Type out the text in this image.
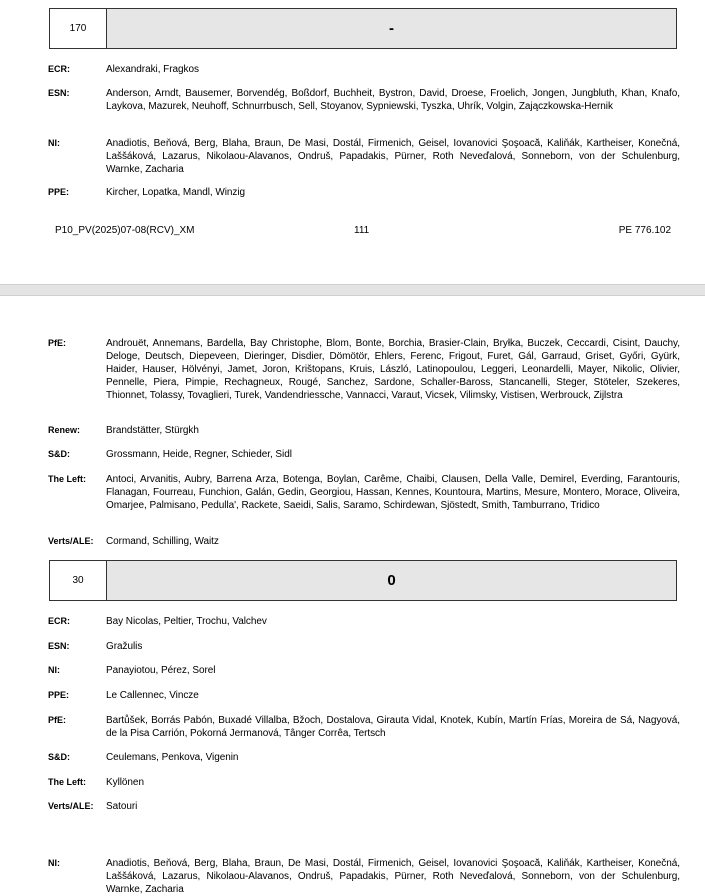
170	-
ECR:	Alexandraki, Fragkos
ESN:	Anderson, Arndt, Bausemer, Borvendég, Boßdorf, Buchheit, Bystron, David, Droese, Froelich, Jongen, Jungbluth, Khan, Knafo, Laykova, Mazurek, Neuhoff, Schnurrbusch, Sell, Stoyanov, Sypniewski, Tyszka, Uhrík, Volgin, Zajączkowska-Hernik
NI:	Anadiotis, Beňová, Berg, Blaha, Braun, De Masi, Dostál, Firmenich, Geisel, Iovanovici Şoşoacă, Kaliňák, Kartheiser, Konečná, Laššáková, Lazarus, Nikolaou-Alavanos, Ondruš, Papadakis, Pürner, Roth Neveďalová, Sonneborn, von der Schulenburg, Warnke, Zacharia
PPE:	Kircher, Lopatka, Mandl, Winzig
P10_PV(2025)07-08(RCV)_XM	111	PE 776.102
PfE:	Androuët, Annemans, Bardella, Bay Christophe, Blom, Bonte, Borchia, Brasier-Clain, Bryłka, Buczek, Ceccardi, Cisint, Dauchy, Deloge, Deutsch, Diepeveen, Dieringer, Disdier, Dömötör, Ehlers, Ferenc, Frigout, Furet, Gál, Garraud, Griset, Győri, Gyürk, Haider, Hauser, Hölvényi, Jamet, Joron, Krištopans, Kruis, László, Latinopoulou, Leggeri, Leonardelli, Mayer, Nikolic, Olivier, Pennelle, Piera, Pimpie, Rechagneux, Rougé, Sanchez, Sardone, Schaller-Baross, Stancanelli, Steger, Stöteler, Szekeres, Thionnet, Tolassy, Tovaglieri, Turek, Vandendriessche, Vannacci, Varaut, Vicsek, Vilimsky, Vistisen, Werbrouck, Zijlstra
Renew:	Brandstätter, Stürgkh
S&D:	Grossmann, Heide, Regner, Schieder, Sidl
The Left:	Antoci, Arvanitis, Aubry, Barrena Arza, Botenga, Boylan, Carême, Chaibi, Clausen, Della Valle, Demirel, Everding, Farantouris, Flanagan, Fourreau, Funchion, Galán, Gedin, Georgiou, Hassan, Kennes, Kountoura, Martins, Mesure, Montero, Morace, Oliveira, Omarjee, Palmisano, Pedulla', Rackete, Saeidi, Salis, Saramo, Schirdewan, Sjöstedt, Smith, Tamburrano, Tridico
Verts/ALE:	Cormand, Schilling, Waitz
30	0
ECR:	Bay Nicolas, Peltier, Trochu, Valchev
ESN:	Gražulis
NI:	Panayiotou, Pérez, Sorel
PPE:	Le Callennec, Vincze
PfE:	Bartůšek, Borrás Pabón, Buxadé Villalba, Bžoch, Dostalova, Girauta Vidal, Knotek, Kubín, Martín Frías, Moreira de Sá, Nagyová, de la Pisa Carrión, Pokorná Jermanová, Tânger Corrêa, Tertsch
S&D:	Ceulemans, Penkova, Vigenin
The Left:	Kyllönen
Verts/ALE:	Satouri
NI:	Anadiotis, Beňová, Berg, Blaha, Braun, De Masi, Dostál, Firmenich, Geisel, Iovanovici Şoşoacă, Kaliňák, Kartheiser, Konečná, Laššáková, Lazarus, Nikolaou-Alavanos, Ondruš, Papadakis, Pürner, Roth Neveďalová, Sonneborn, von der Schulenburg, Warnke, Zacharia
